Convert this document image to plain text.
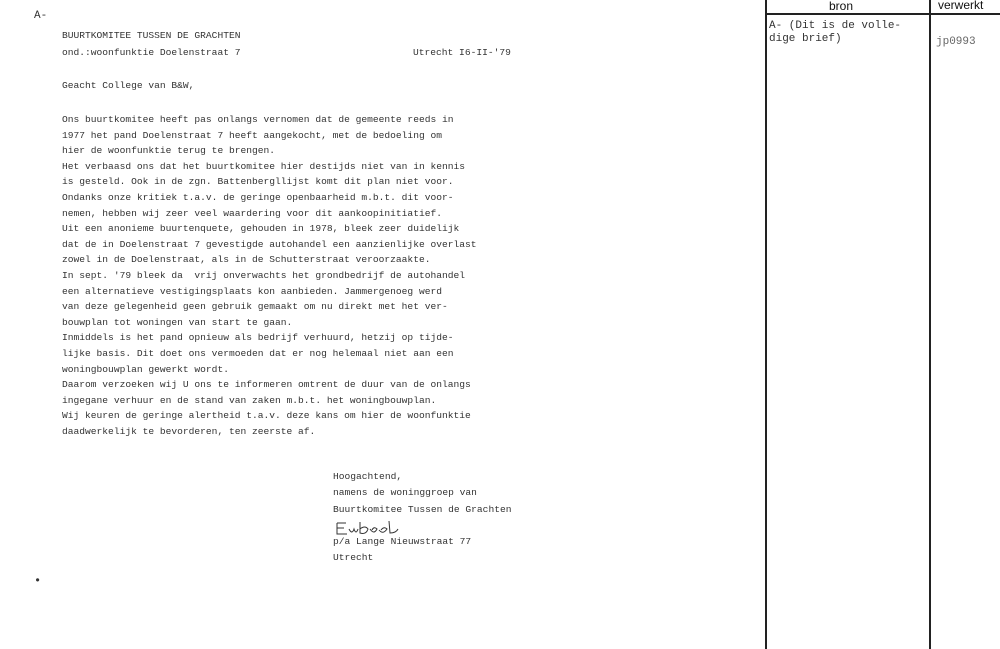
A-
BUURTKOMITEE TUSSEN DE GRACHTEN
ond.:woonfunktie Doelenstraat 7	Utrecht I6-II-'79
Geacht College van B&W,
Ons buurtkomitee heeft pas onlangs vernomen dat de gemeente reeds in
1977 het pand Doelenstraat 7 heeft aangekocht, met de bedoeling om
hier de woonfunktie terug te brengen.
Het verbaasd ons dat het buurtkomitee hier destijds niet van in kennis
is gesteld. Ook in de zgn. Battenbergllijst komt dit plan niet voor.
Ondanks onze kritiek t.a.v. de geringe openbaarheid m.b.t. dit voor-
nemen, hebben wij zeer veel waardering voor dit aankoopinitiatief.
Uit een anonieme buurtenquete, gehouden in 1978, bleek zeer duidelijk
dat de in Doelenstraat 7 gevestigde autohandel een aanzienlijke overlast
zowel in de Doelenstraat, als in de Schutterstraat veroorzaakte.
In sept. '79 bleek da  vrij onverwachts het grondbedrijf de autohandel
een alternatieve vestigingsplaats kon aanbieden. Jammergenoeg werd
van deze gelegenheid geen gebruik gemaakt om nu direkt met het ver-
bouwplan tot woningen van start te gaan.
Inmiddels is het pand opnieuw als bedrijf verhuurd, hetzij op tijde-
lijke basis. Dit doet ons vermoeden dat er nog helemaal niet aan een
woningbouwplan gewerkt wordt.
Daarom verzoeken wij U ons te informeren omtrent de duur van de onlangs
ingegane verhuur en de stand van zaken m.b.t. het woningbouwplan.
Wij keuren de geringe alertheid t.a.v. deze kans om hier de woonfunktie
daadwerkelijk te bevorderen, ten zeerste af.
Hoogachtend,
namens de woninggroep van
Buurtkomitee Tussen de Grachten
p/a Lange Nieuwstraat 77
Utrecht
•
bron	verwerkt
A- (Dit is de volle-
dige brief)	jp0993
